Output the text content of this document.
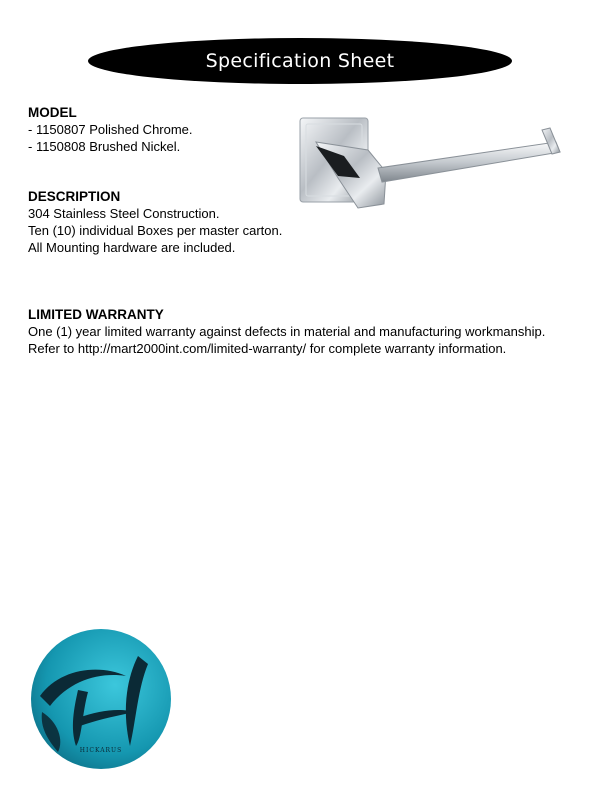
Specification Sheet
MODEL
- 1150807 Polished Chrome.
- 1150808 Brushed Nickel.
DESCRIPTION
304 Stainless Steel Construction.
Ten (10) individual Boxes per master carton.
All Mounting hardware are included.
LIMITED WARRANTY
One (1) year limited warranty against defects in material and manufacturing workmanship.
Refer to http://mart2000int.com/limited-warranty/ for complete warranty information.
HICKARUS
